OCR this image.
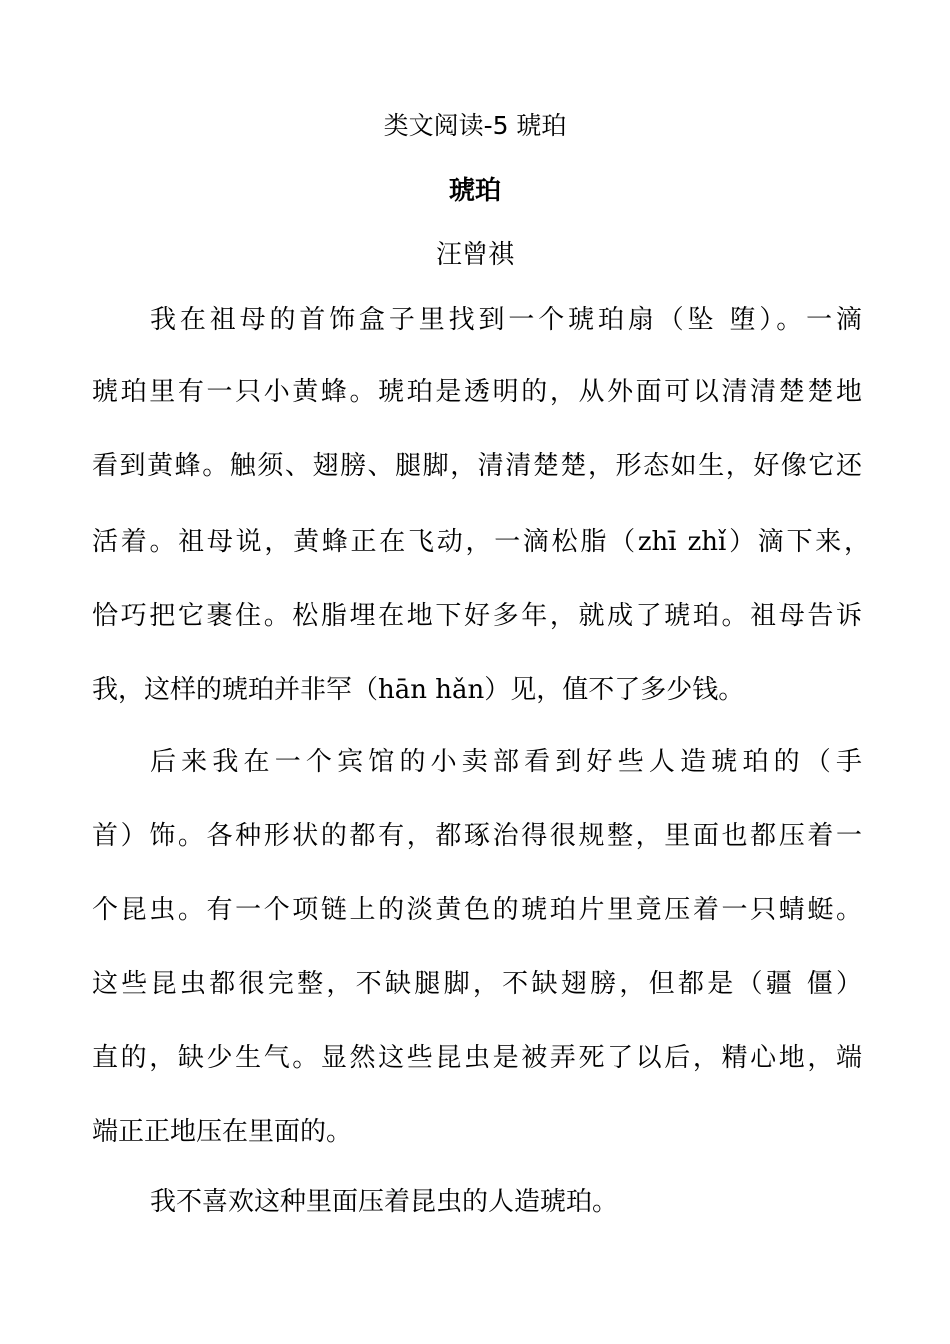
类文阅读-5 琥珀
琥珀
汪曾祺
我在祖母的首饰盒子里找到一个琥珀扇（坠 堕）。一滴
琥珀里有一只小黄蜂。琥珀是透明的，从外面可以清清楚楚地
看到黄蜂。触须、翅膀、腿脚，清清楚楚，形态如生，好像它还
活着。祖母说，黄蜂正在飞动，一滴松脂（zhī zhǐ）滴下来，
恰巧把它裹住。松脂埋在地下好多年，就成了琥珀。祖母告诉
我，这样的琥珀并非罕（hān hǎn）见，值不了多少钱。
后来我在一个宾馆的小卖部看到好些人造琥珀的（手
首）饰。各种形状的都有，都琢治得很规整，里面也都压着一
个昆虫。有一个项链上的淡黄色的琥珀片里竟压着一只蜻蜓。
这些昆虫都很完整，不缺腿脚，不缺翅膀，但都是（疆 僵）
直的，缺少生气。显然这些昆虫是被弄死了以后，精心地，端
端正正地压在里面的。
我不喜欢这种里面压着昆虫的人造琥珀。
